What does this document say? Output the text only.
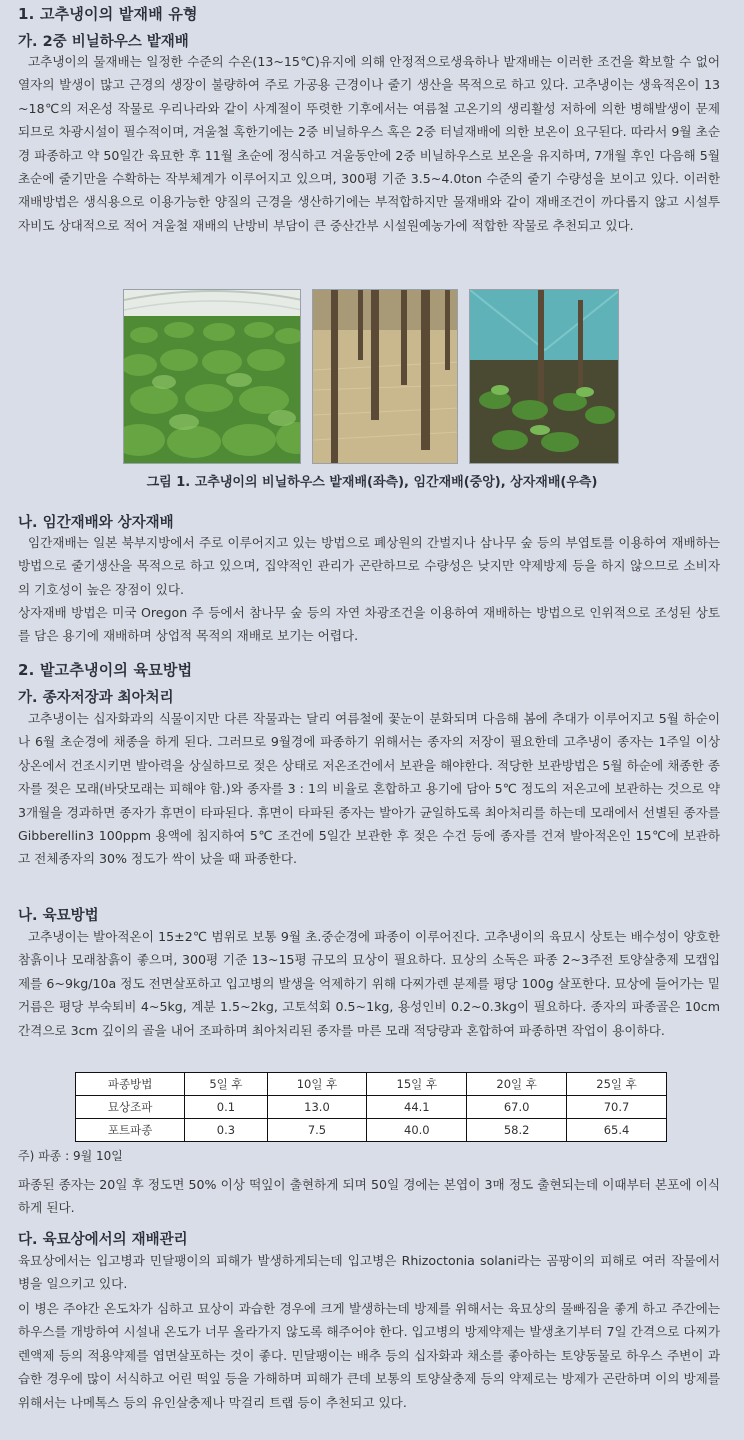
1. 고추냉이의 밭재배 유형
가. 2중 비닐하우스 밭재배
고추냉이의 물재배는 일정한 수준의 수온(13~15℃)유지에 의해 안정적으로생육하나 밭재배는 이러한 조건을 확보할 수 없어 열자의 발생이 많고 근경의 생장이 불량하여 주로 가공용 근경이나 줄기 생산을 목적으로 하고 있다. 고추냉이는 생육적온이 13~18℃의 저온성 작물로 우리나라와 같이 사계절이 뚜렷한 기후에서는 여름철 고온기의 생리활성 저하에 의한 병해발생이 문제되므로 차광시설이 필수적이며, 겨울철 혹한기에는 2중 비닐하우스 혹은 2중 터널재배에 의한 보온이 요구된다. 따라서 9월 초순경 파종하고 약 50일간 육묘한 후 11월 초순에 정식하고 겨울동안에 2중 비닐하우스로 보온을 유지하며, 7개월 후인 다음해 5월 초순에 줄기만을 수확하는 작부체계가 이루어지고 있으며, 300평 기준 3.5~4.0ton 수준의 줄기 수량성을 보이고 있다. 이러한 재배방법은 생식용으로 이용가능한 양질의 근경을 생산하기에는 부적합하지만 물재배와 같이 재배조건이 까다롭지 않고 시설투자비도 상대적으로 적어 겨울철 재배의 난방비 부담이 큰 중산간부 시설원예농가에 적합한 작물로 추천되고 있다.
그림 1. 고추냉이의 비닐하우스 밭재배(좌측), 임간재배(중앙), 상자재배(우측)
나. 임간재배와 상자재배
임간재배는 일본 북부지방에서 주로 이루어지고 있는 방법으로 폐상원의 간벌지나 삼나무 숲 등의 부엽토를 이용하여 재배하는 방법으로 줄기생산을 목적으로 하고 있으며, 집약적인 관리가 곤란하므로 수량성은 낮지만 약제방제 등을 하지 않으므로 소비자의 기호성이 높은 장점이 있다.
상자재배 방법은 미국 Oregon 주 등에서 참나무 숲 등의 자연 차광조건을 이용하여 재배하는 방법으로 인위적으로 조성된 상토를 담은 용기에 재배하며 상업적 목적의 재배로 보기는 어렵다.
2. 밭고추냉이의 육묘방법
가. 종자저장과 최아처리
고추냉이는 십자화과의 식물이지만 다른 작물과는 달리 여름철에 꽃눈이 분화되며 다음해 봄에 추대가 이루어지고 5월 하순이나 6월 초순경에 채종을 하게 된다. 그러므로 9월경에 파종하기 위해서는 종자의 저장이 필요한데 고추냉이 종자는 1주일 이상 상온에서 건조시키면 발아력을 상실하므로 젖은 상태로 저온조건에서 보관을 해야한다. 적당한 보관방법은 5월 하순에 채종한 종자를 젖은 모래(바닷모래는 피해야 함.)와 종자를 3 : 1의 비율로 혼합하고 용기에 담아 5℃ 정도의 저온고에 보관하는 것으로 약 3개월을 경과하면 종자가 휴면이 타파된다. 휴면이 타파된 종자는 발아가 균일하도록 최아처리를 하는데 모래에서 선별된 종자를 Gibberellin3 100ppm 용액에 침지하여 5℃ 조건에 5일간 보관한 후 젖은 수건 등에 종자를 건져 발아적온인 15℃에 보관하고 전체종자의 30% 정도가 싹이 났을 때 파종한다.
나. 육묘방법
고추냉이는 발아적온이 15±2℃ 범위로 보통 9월 초.중순경에 파종이 이루어진다. 고추냉이의 육묘시 상토는 배수성이 양호한 참흙이나 모래참흙이 좋으며, 300평 기준 13~15평 규모의 묘상이 필요하다. 묘상의 소독은 파종 2~3주전 토양살충제 모캡입제를 6~9kg/10a 정도 전면살포하고 입고병의 발생을 억제하기 위해 다찌가렌 분제를 평당 100g 살포한다. 묘상에 들어가는 밑거름은 평당 부숙퇴비 4~5kg, 계분 1.5~2kg, 고토석회 0.5~1kg, 용성인비 0.2~0.3kg이 필요하다. 종자의 파종골은 10cm 간격으로 3cm 깊이의 골을 내어 조파하며 최아처리된 종자를 마른 모래 적당량과 혼합하여 파종하면 작업이 용이하다.
파종방법	5일 후	10일 후	15일 후	20일 후	25일 후
묘상조파	0.1	13.0	44.1	67.0	70.7
포트파종	0.3	7.5	40.0	58.2	65.4
주) 파종 : 9월 10일
파종된 종자는 20일 후 정도면 50% 이상 떡잎이 출현하게 되며 50일 경에는 본엽이 3매 정도 출현되는데 이때부터 본포에 이식하게 된다.
다. 육묘상에서의 재배관리
육묘상에서는 입고병과 민달팽이의 피해가 발생하게되는데 입고병은 Rhizoctonia solani라는 곰팡이의 피해로 여러 작물에서 병을 일으키고 있다.
이 병은 주야간 온도차가 심하고 묘상이 과습한 경우에 크게 발생하는데 방제를 위해서는 육묘상의 물빠짐을 좋게 하고 주간에는 하우스를 개방하여 시설내 온도가 너무 올라가지 않도록 해주어야 한다. 입고병의 방제약제는 발생초기부터 7일 간격으로 다찌가렌액제 등의 적용약제를 엽면살포하는 것이 좋다. 민달팽이는 배추 등의 십자화과 채소를 좋아하는 토양동물로 하우스 주변이 과습한 경우에 많이 서식하고 어린 떡잎 등을 가해하며 피해가 큰데 보통의 토양살충제 등의 약제로는 방제가 곤란하며 이의 방제를 위해서는 나메톡스 등의 유인살충제나 막걸리 트랩 등이 추천되고 있다.
